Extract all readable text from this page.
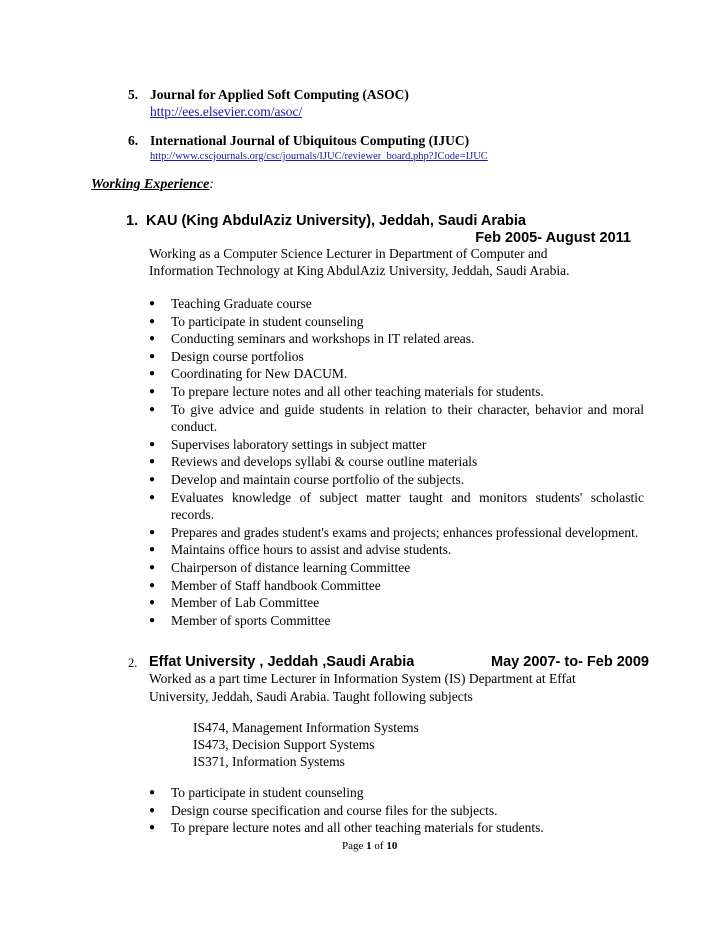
5. Journal for Applied Soft Computing (ASOC)
http://ees.elsevier.com/asoc/
6. International Journal of Ubiquitous Computing (IJUC)
http://www.cscjournals.org/csc/journals/IJUC/reviewer_board.php?JCode=IJUC

Working Experience:

1. KAU (King AbdulAziz University), Jeddah, Saudi Arabia
Feb 2005- August 2011
Working as a Computer Science Lecturer in Department of Computer and
Information Technology at King AbdulAziz University, Jeddah, Saudi Arabia.
● Teaching Graduate course
● To participate in student counseling
● Conducting seminars and workshops in IT related areas.
● Design course portfolios
● Coordinating for New DACUM.
● To prepare lecture notes and all other teaching materials for students.
● To give advice and guide students in relation to their character, behavior and moral conduct.
● Supervises laboratory settings in subject matter
● Reviews and develops syllabi & course outline materials
● Develop and maintain course portfolio of the subjects.
● Evaluates knowledge of subject matter taught and monitors students' scholastic records.
● Prepares and grades student's exams and projects; enhances professional development.
● Maintains office hours to assist and advise students.
● Chairperson of distance learning Committee
● Member of Staff handbook Committee
● Member of Lab Committee
● Member of sports Committee
2. Effat University , Jeddah ,Saudi Arabia	May 2007- to- Feb 2009
Worked as a part time Lecturer in Information System (IS) Department at Effat
University, Jeddah, Saudi Arabia. Taught following subjects
IS474, Management Information Systems
IS473, Decision Support Systems
IS371, Information Systems
● To participate in student counseling
● Design course specification and course files for the subjects.
● To prepare lecture notes and all other teaching materials for students.

Page 1 of 10
